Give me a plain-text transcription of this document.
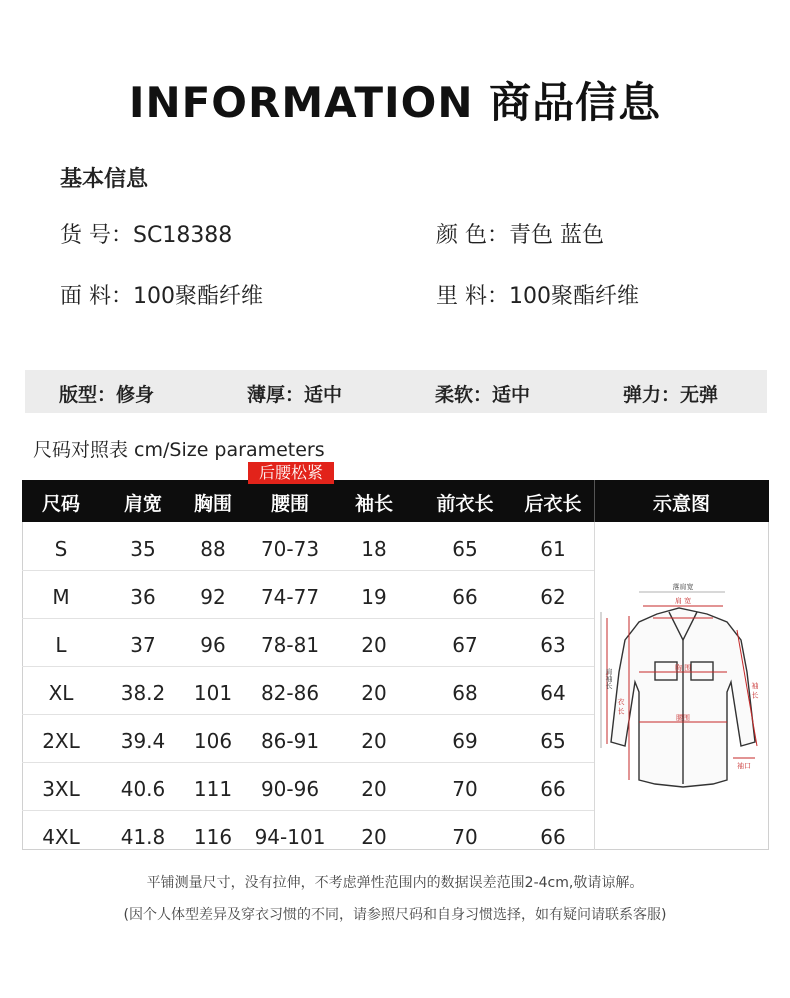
INFORMATION 商品信息
基本信息
货 号：SC18388	颜 色：青色 蓝色
面 料：100聚酯纤维	里 料：100聚酯纤维
版型：修身	薄厚：适中	柔软：适中	弹力：无弹
尺码对照表 cm/Size parameters
尺码	肩宽	胸围	腰围	袖长	前衣长	后衣长	示意图
后腰松紧
S	35	88	70-73	18	65	61
M	36	92	74-77	19	66	62
L	37	96	78-81	20	67	63
XL	38.2	101	82-86	20	68	64
2XL	39.4	106	86-91	20	69	65
3XL	40.6	111	90-96	20	70	66
4XL	41.8	116	94-101	20	70	66
落肩宽
肩 宽
胸 围
腰围
衣 长
肩袖长
袖 长
袖口
平铺测量尺寸，没有拉伸，不考虑弹性范围内的数据误差范围2-4cm,敬请谅解。
(因个人体型差异及穿衣习惯的不同，请参照尺码和自身习惯选择，如有疑问请联系客服)
